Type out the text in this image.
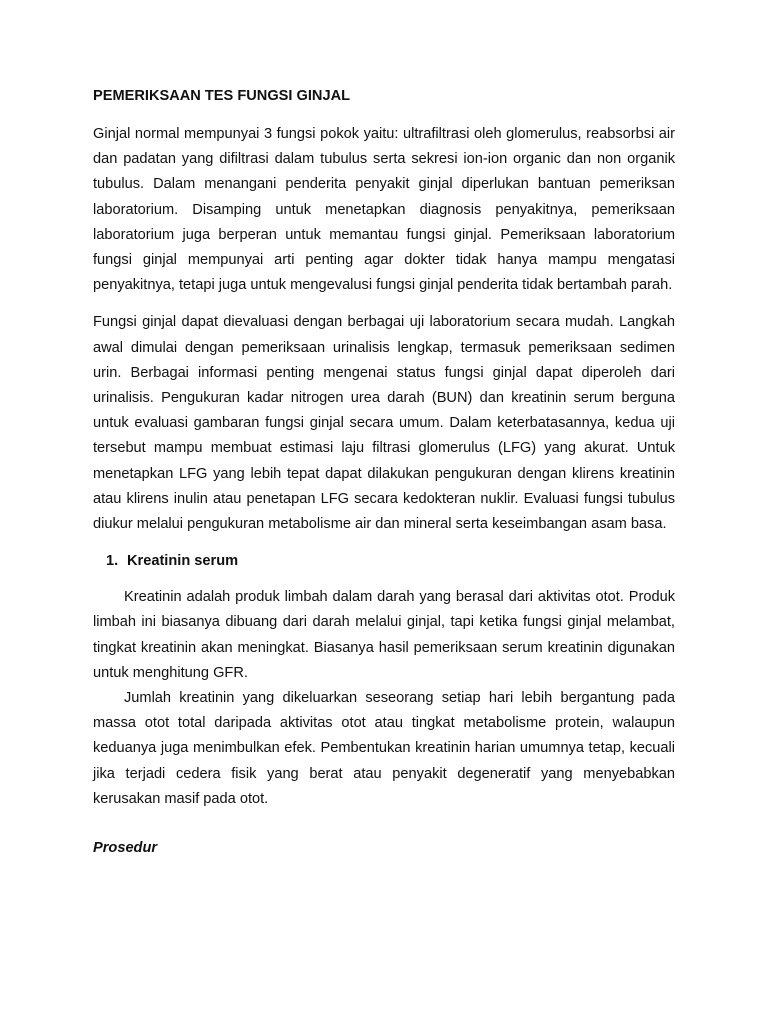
PEMERIKSAAN TES FUNGSI GINJAL

Ginjal normal mempunyai 3 fungsi pokok yaitu: ultrafiltrasi oleh glomerulus, reabsorbsi air dan padatan yang difiltrasi dalam tubulus serta sekresi ion-ion organic dan non organik tubulus. Dalam menangani penderita penyakit ginjal diperlukan bantuan pemeriksan laboratorium. Disamping untuk menetapkan diagnosis penyakitnya, pemeriksaan laboratorium juga berperan untuk memantau fungsi ginjal. Pemeriksaan laboratorium fungsi ginjal mempunyai arti penting agar dokter tidak hanya mampu mengatasi penyakitnya, tetapi juga untuk mengevalusi fungsi ginjal penderita tidak bertambah parah.

Fungsi ginjal dapat dievaluasi dengan berbagai uji laboratorium secara mudah. Langkah awal dimulai dengan pemeriksaan urinalisis lengkap, termasuk pemeriksaan sedimen urin. Berbagai informasi penting mengenai status fungsi ginjal dapat diperoleh dari urinalisis. Pengukuran kadar nitrogen urea darah (BUN) dan kreatinin serum berguna untuk evaluasi gambaran fungsi ginjal secara umum. Dalam keterbatasannya, kedua uji tersebut mampu membuat estimasi laju filtrasi glomerulus (LFG) yang akurat. Untuk menetapkan LFG yang lebih tepat dapat dilakukan pengukuran dengan klirens kreatinin atau klirens inulin atau penetapan LFG secara kedokteran nuklir. Evaluasi fungsi tubulus diukur melalui pengukuran metabolisme air dan mineral serta keseimbangan asam basa.

1. Kreatinin serum

Kreatinin adalah produk limbah dalam darah yang berasal dari aktivitas otot. Produk limbah ini biasanya dibuang dari darah melalui ginjal, tapi ketika fungsi ginjal melambat, tingkat kreatinin akan meningkat. Biasanya hasil pemeriksaan serum kreatinin digunakan untuk menghitung GFR.

Jumlah kreatinin yang dikeluarkan seseorang setiap hari lebih bergantung pada massa otot total daripada aktivitas otot atau tingkat metabolisme protein, walaupun keduanya juga menimbulkan efek. Pembentukan kreatinin harian umumnya tetap, kecuali jika terjadi cedera fisik yang berat atau penyakit degeneratif yang menyebabkan kerusakan masif pada otot.

Prosedur
